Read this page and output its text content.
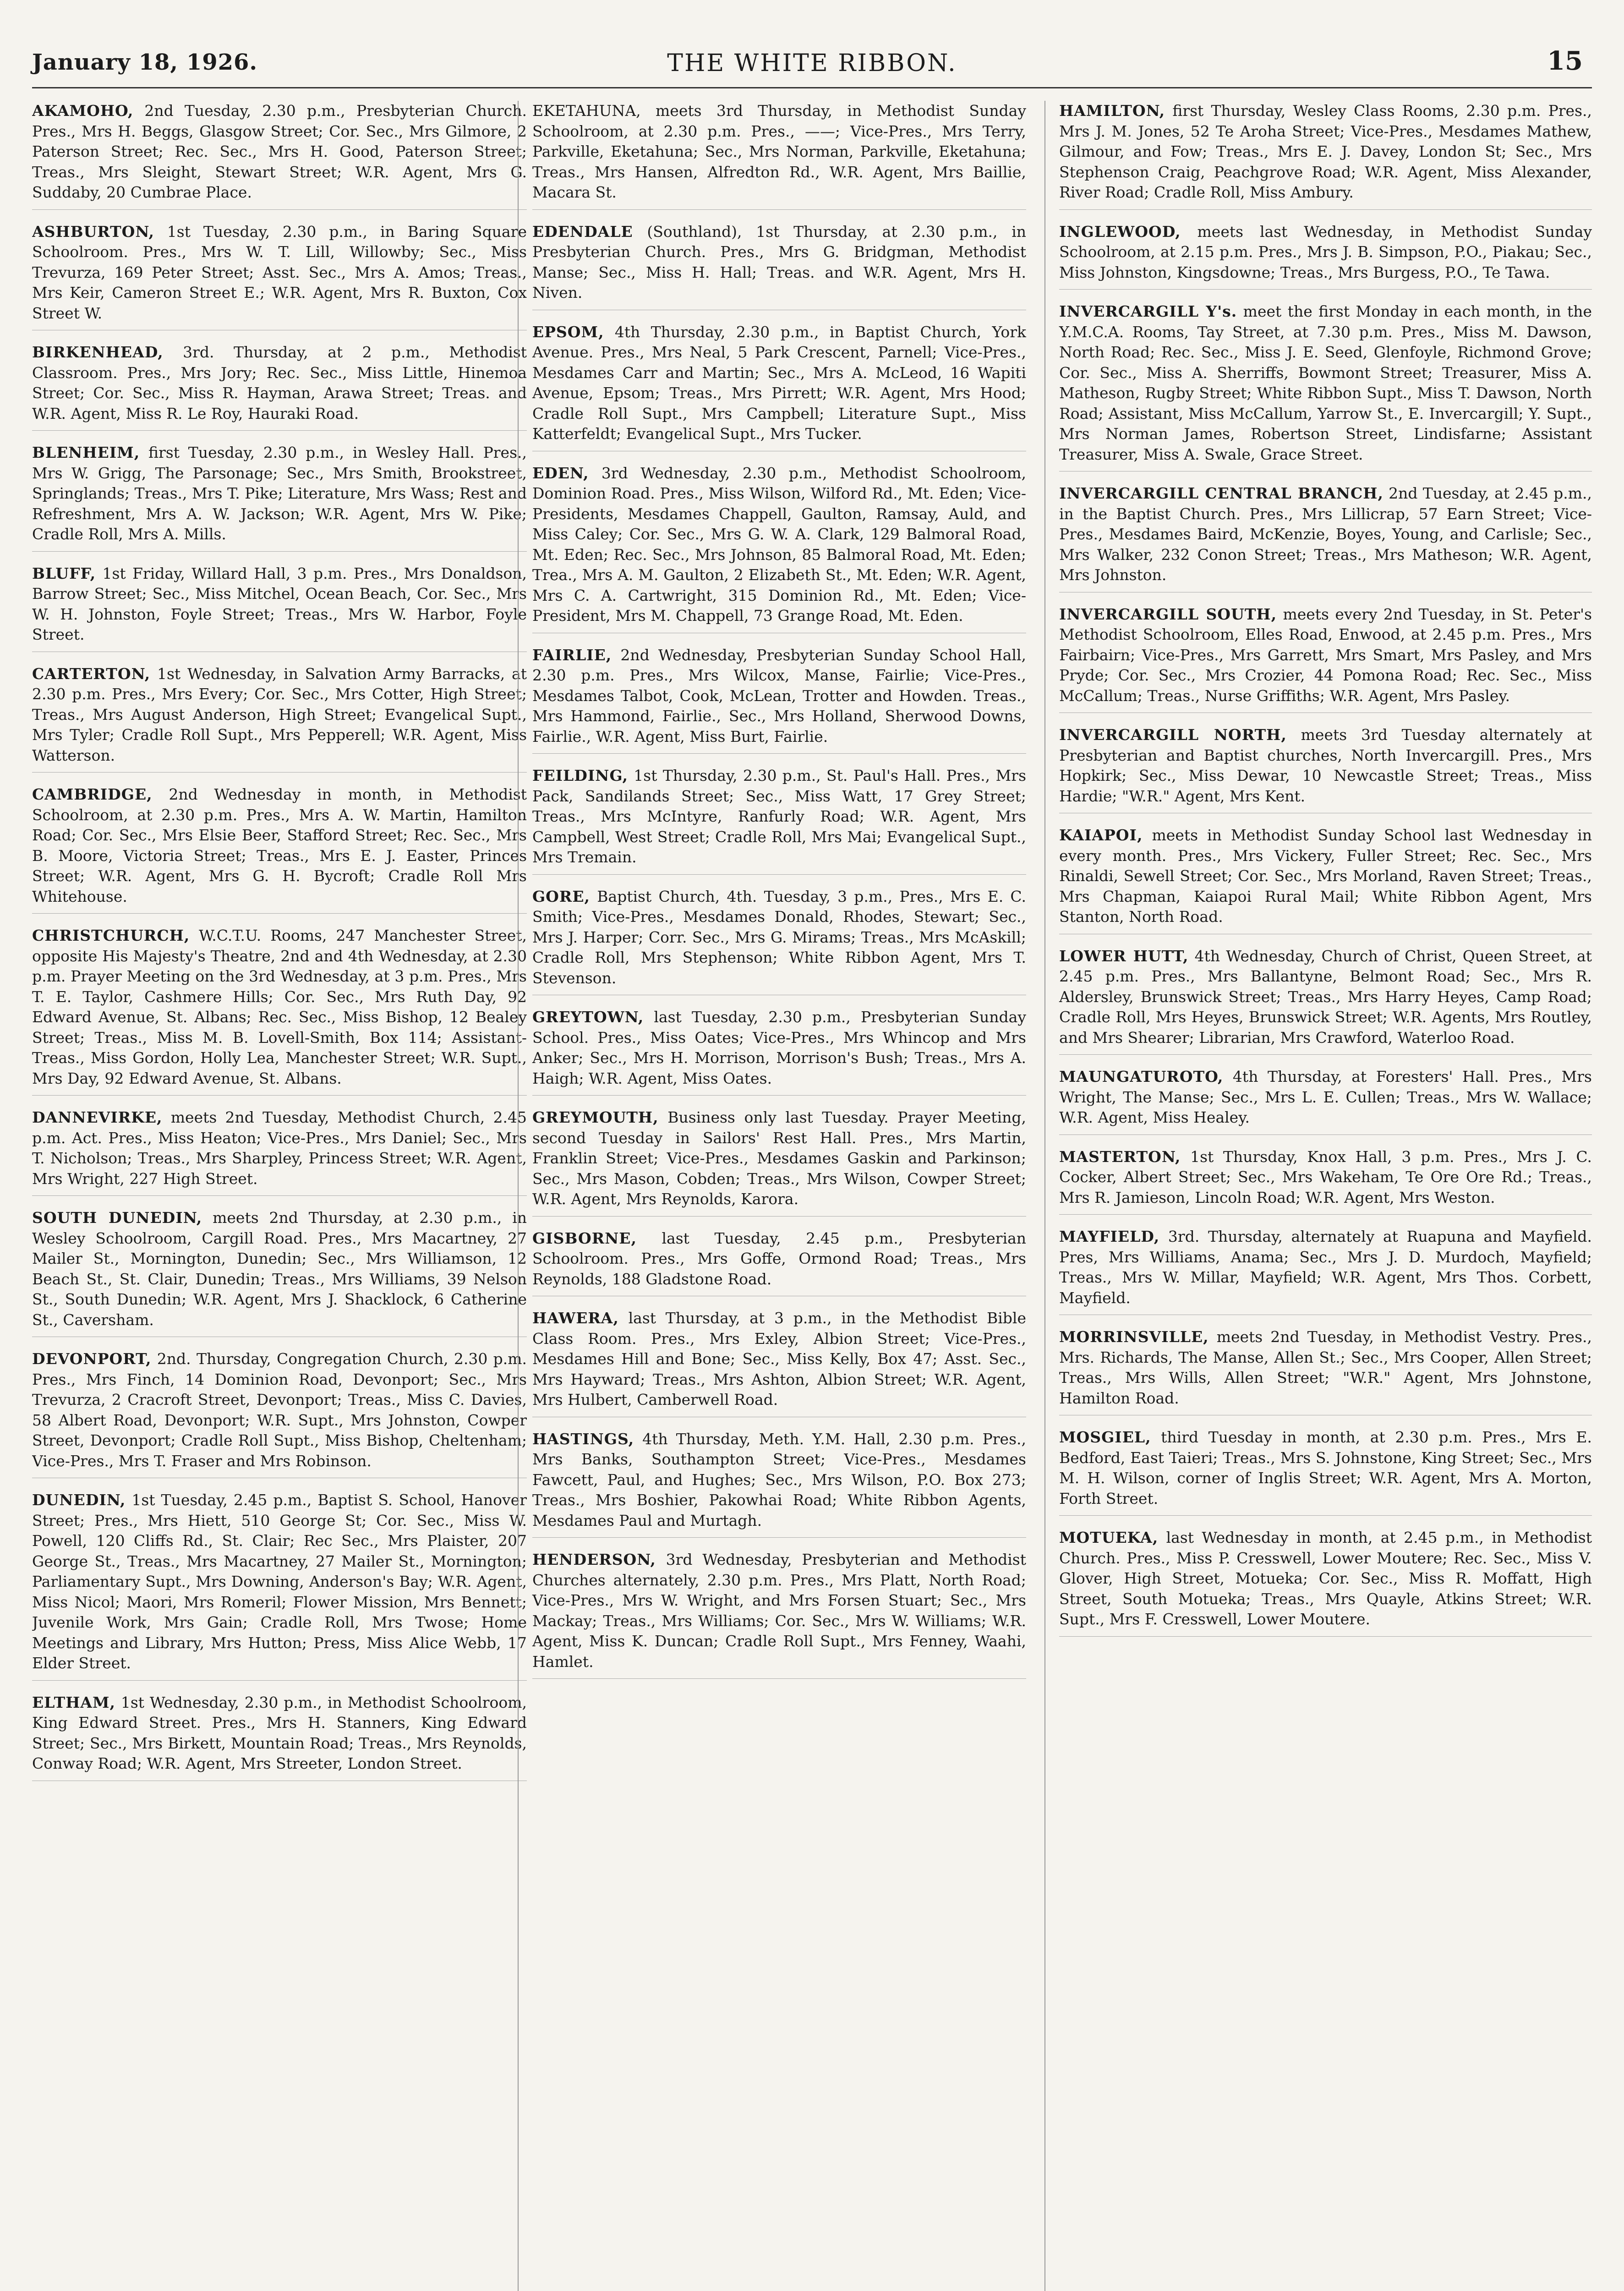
January 18, 1926.	THE WHITE RIBBON.	15

AKAMOHO, 2nd Tuesday, 2.30 p.m., Presbyterian Church. Pres., Mrs H. Beggs, Glasgow Street; Cor. Sec., Mrs Gilmore, 2 Paterson Street; Rec. Sec., Mrs H. Good, Paterson Street; Treas., Mrs Sleight, Stewart Street; W.R. Agent, Mrs G. Suddaby, 20 Cumbrae Place.

ASHBURTON, 1st Tuesday, 2.30 p.m., in Baring Square Schoolroom. Pres., Mrs W. T. Lill, Willowby; Sec., Miss Trevurza, 169 Peter Street; Asst. Sec., Mrs A. Amos; Treas., Mrs Keir, Cameron Street E.; W.R. Agent, Mrs R. Buxton, Cox Street W.

BIRKENHEAD, 3rd. Thursday, at 2 p.m., Methodist Classroom. Pres., Mrs Jory; Rec. Sec., Miss Little, Hinemoa Street; Cor. Sec., Miss R. Hayman, Arawa Street; Treas. and W.R. Agent, Miss R. Le Roy, Hauraki Road.

BLENHEIM, first Tuesday, 2.30 p.m., in Wesley Hall. Pres., Mrs W. Grigg, The Parsonage; Sec., Mrs Smith, Brookstreet, Springlands; Treas., Mrs T. Pike; Literature, Mrs Wass; Rest and Refreshment, Mrs A. W. Jackson; W.R. Agent, Mrs W. Pike; Cradle Roll, Mrs A. Mills.

BLUFF, 1st Friday, Willard Hall, 3 p.m. Pres., Mrs Donaldson, Barrow Street; Sec., Miss Mitchel, Ocean Beach, Cor. Sec., Mrs W. H. Johnston, Foyle Street; Treas., Mrs W. Harbor, Foyle Street.

CARTERTON, 1st Wednesday, in Salvation Army Barracks, at 2.30 p.m. Pres., Mrs Every; Cor. Sec., Mrs Cotter, High Street; Treas., Mrs August Anderson, High Street; Evangelical Supt., Mrs Tyler; Cradle Roll Supt., Mrs Pepperell; W.R. Agent, Miss Watterson.

CAMBRIDGE, 2nd Wednesday in month, in Methodist Schoolroom, at 2.30 p.m. Pres., Mrs A. W. Martin, Hamilton Road; Cor. Sec., Mrs Elsie Beer, Stafford Street; Rec. Sec., Mrs B. Moore, Victoria Street; Treas., Mrs E. J. Easter, Princes Street; W.R. Agent, Mrs G. H. Bycroft; Cradle Roll Mrs Whitehouse.

CHRISTCHURCH, W.C.T.U. Rooms, 247 Manchester Street, opposite His Majesty's Theatre, 2nd and 4th Wednesday, at 2.30 p.m. Prayer Meeting on the 3rd Wednesday, at 3 p.m. Pres., Mrs T. E. Taylor, Cashmere Hills; Cor. Sec., Mrs Ruth Day, 92 Edward Avenue, St. Albans; Rec. Sec., Miss Bishop, 12 Bealey Street; Treas., Miss M. B. Lovell-Smith, Box 114; Assistant-Treas., Miss Gordon, Holly Lea, Manchester Street; W.R. Supt., Mrs Day, 92 Edward Avenue, St. Albans.

DANNEVIRKE, meets 2nd Tuesday, Methodist Church, 2.45 p.m. Act. Pres., Miss Heaton; Vice-Pres., Mrs Daniel; Sec., Mrs T. Nicholson; Treas., Mrs Sharpley, Princess Street; W.R. Agent, Mrs Wright, 227 High Street.

SOUTH DUNEDIN, meets 2nd Thursday, at 2.30 p.m., in Wesley Schoolroom, Cargill Road. Pres., Mrs Macartney, 27 Mailer St., Mornington, Dunedin; Sec., Mrs Williamson, 12 Beach St., St. Clair, Dunedin; Treas., Mrs Williams, 39 Nelson St., South Dunedin; W.R. Agent, Mrs J. Shacklock, 6 Catherine St., Caversham.

DEVONPORT, 2nd. Thursday, Congregation Church, 2.30 p.m. Pres., Mrs Finch, 14 Dominion Road, Devonport; Sec., Mrs Trevurza, 2 Cracroft Street, Devonport; Treas., Miss C. Davies, 58 Albert Road, Devonport; W.R. Supt., Mrs Johnston, Cowper Street, Devonport; Cradle Roll Supt., Miss Bishop, Cheltenham; Vice-Pres., Mrs T. Fraser and Mrs Robinson.

DUNEDIN, 1st Tuesday, 2.45 p.m., Baptist S. School, Hanover Street; Pres., Mrs Hiett, 510 George St; Cor. Sec., Miss W. Powell, 120 Cliffs Rd., St. Clair; Rec Sec., Mrs Plaister, 207 George St., Treas., Mrs Macartney, 27 Mailer St., Mornington; Parliamentary Supt., Mrs Downing, Anderson's Bay; W.R. Agent, Miss Nicol; Maori, Mrs Romeril; Flower Mission, Mrs Bennett; Juvenile Work, Mrs Gain; Cradle Roll, Mrs Twose; Home Meetings and Library, Mrs Hutton; Press, Miss Alice Webb, 17 Elder Street.

ELTHAM, 1st Wednesday, 2.30 p.m., in Methodist Schoolroom, King Edward Street. Pres., Mrs H. Stanners, King Edward Street; Sec., Mrs Birkett, Mountain Road; Treas., Mrs Reynolds, Conway Road; W.R. Agent, Mrs Streeter, London Street.

EKETAHUNA, meets 3rd Thursday, in Methodist Sunday Schoolroom, at 2.30 p.m. Pres., ——; Vice-Pres., Mrs Terry, Parkville, Eketahuna; Sec., Mrs Norman, Parkville, Eketahuna; Treas., Mrs Hansen, Alfredton Rd., W.R. Agent, Mrs Baillie, Macara St.

EDENDALE (Southland), 1st Thursday, at 2.30 p.m., in Presbyterian Church. Pres., Mrs G. Bridgman, Methodist Manse; Sec., Miss H. Hall; Treas. and W.R. Agent, Mrs H. Niven.

EPSOM, 4th Thursday, 2.30 p.m., in Baptist Church, York Avenue. Pres., Mrs Neal, 5 Park Crescent, Parnell; Vice-Pres., Mesdames Carr and Martin; Sec., Mrs A. McLeod, 16 Wapiti Avenue, Epsom; Treas., Mrs Pirrett; W.R. Agent, Mrs Hood; Cradle Roll Supt., Mrs Campbell; Literature Supt., Miss Katterfeldt; Evangelical Supt., Mrs Tucker.

EDEN, 3rd Wednesday, 2.30 p.m., Methodist Schoolroom, Dominion Road. Pres., Miss Wilson, Wilford Rd., Mt. Eden; Vice-Presidents, Mesdames Chappell, Gaulton, Ramsay, Auld, and Miss Caley; Cor. Sec., Mrs G. W. A. Clark, 129 Balmoral Road, Mt. Eden; Rec. Sec., Mrs Johnson, 85 Balmoral Road, Mt. Eden; Trea., Mrs A. M. Gaulton, 2 Elizabeth St., Mt. Eden; W.R. Agent, Mrs C. A. Cartwright, 315 Dominion Rd., Mt. Eden; Vice-President, Mrs M. Chappell, 73 Grange Road, Mt. Eden.

FAIRLIE, 2nd Wednesday, Presbyterian Sunday School Hall, 2.30 p.m. Pres., Mrs Wilcox, Manse, Fairlie; Vice-Pres., Mesdames Talbot, Cook, McLean, Trotter and Howden. Treas., Mrs Hammond, Fairlie., Sec., Mrs Holland, Sherwood Downs, Fairlie., W.R. Agent, Miss Burt, Fairlie.

FEILDING, 1st Thursday, 2.30 p.m., St. Paul's Hall. Pres., Mrs Pack, Sandilands Street; Sec., Miss Watt, 17 Grey Street; Treas., Mrs McIntyre, Ranfurly Road; W.R. Agent, Mrs Campbell, West Street; Cradle Roll, Mrs Mai; Evangelical Supt., Mrs Tremain.

GORE, Baptist Church, 4th. Tuesday, 3 p.m., Pres., Mrs E. C. Smith; Vice-Pres., Mesdames Donald, Rhodes, Stewart; Sec., Mrs J. Harper; Corr. Sec., Mrs G. Mirams; Treas., Mrs McAskill; Cradle Roll, Mrs Stephenson; White Ribbon Agent, Mrs T. Stevenson.

GREYTOWN, last Tuesday, 2.30 p.m., Presbyterian Sunday School. Pres., Miss Oates; Vice-Pres., Mrs Whincop and Mrs Anker; Sec., Mrs H. Morrison, Morrison's Bush; Treas., Mrs A. Haigh; W.R. Agent, Miss Oates.

GREYMOUTH, Business only last Tuesday. Prayer Meeting, second Tuesday in Sailors' Rest Hall. Pres., Mrs Martin, Franklin Street; Vice-Pres., Mesdames Gaskin and Parkinson; Sec., Mrs Mason, Cobden; Treas., Mrs Wilson, Cowper Street; W.R. Agent, Mrs Reynolds, Karora.

GISBORNE, last Tuesday, 2.45 p.m., Presbyterian Schoolroom. Pres., Mrs Goffe, Ormond Road; Treas., Mrs Reynolds, 188 Gladstone Road.

HAWERA, last Thursday, at 3 p.m., in the Methodist Bible Class Room. Pres., Mrs Exley, Albion Street; Vice-Pres., Mesdames Hill and Bone; Sec., Miss Kelly, Box 47; Asst. Sec., Mrs Hayward; Treas., Mrs Ashton, Albion Street; W.R. Agent, Mrs Hulbert, Camberwell Road.

HASTINGS, 4th Thursday, Meth. Y.M. Hall, 2.30 p.m. Pres., Mrs Banks, Southampton Street; Vice-Pres., Mesdames Fawcett, Paul, and Hughes; Sec., Mrs Wilson, P.O. Box 273; Treas., Mrs Boshier, Pakowhai Road; White Ribbon Agents, Mesdames Paul and Murtagh.

HENDERSON, 3rd Wednesday, Presbyterian and Methodist Churches alternately, 2.30 p.m. Pres., Mrs Platt, North Road; Vice-Pres., Mrs W. Wright, and Mrs Forsen Stuart; Sec., Mrs Mackay; Treas., Mrs Williams; Cor. Sec., Mrs W. Williams; W.R. Agent, Miss K. Duncan; Cradle Roll Supt., Mrs Fenney, Waahi, Hamlet.

HAMILTON, first Thursday, Wesley Class Rooms, 2.30 p.m. Pres., Mrs J. M. Jones, 52 Te Aroha Street; Vice-Pres., Mesdames Mathew, Gilmour, and Fow; Treas., Mrs E. J. Davey, London St; Sec., Mrs Stephenson Craig, Peachgrove Road; W.R. Agent, Miss Alexander, River Road; Cradle Roll, Miss Ambury.

INGLEWOOD, meets last Wednesday, in Methodist Sunday Schoolroom, at 2.15 p.m. Pres., Mrs J. B. Simpson, P.O., Piakau; Sec., Miss Johnston, Kingsdowne; Treas., Mrs Burgess, P.O., Te Tawa.

INVERCARGILL Y's. meet the first Monday in each month, in the Y.M.C.A. Rooms, Tay Street, at 7.30 p.m. Pres., Miss M. Dawson, North Road; Rec. Sec., Miss J. E. Seed, Glenfoyle, Richmond Grove; Cor. Sec., Miss A. Sherriffs, Bowmont Street; Treasurer, Miss A. Matheson, Rugby Street; White Ribbon Supt., Miss T. Dawson, North Road; Assistant, Miss McCallum, Yarrow St., E. Invercargill; Y. Supt., Mrs Norman James, Robertson Street, Lindisfarne; Assistant Treasurer, Miss A. Swale, Grace Street.

INVERCARGILL CENTRAL BRANCH, 2nd Tuesday, at 2.45 p.m., in the Baptist Church. Pres., Mrs Lillicrap, 57 Earn Street; Vice-Pres., Mesdames Baird, McKenzie, Boyes, Young, and Carlisle; Sec., Mrs Walker, 232 Conon Street; Treas., Mrs Matheson; W.R. Agent, Mrs Johnston.

INVERCARGILL SOUTH, meets every 2nd Tuesday, in St. Peter's Methodist Schoolroom, Elles Road, Enwood, at 2.45 p.m. Pres., Mrs Fairbairn; Vice-Pres., Mrs Garrett, Mrs Smart, Mrs Pasley, and Mrs Pryde; Cor. Sec., Mrs Crozier, 44 Pomona Road; Rec. Sec., Miss McCallum; Treas., Nurse Griffiths; W.R. Agent, Mrs Pasley.

INVERCARGILL NORTH, meets 3rd Tuesday alternately at Presbyterian and Baptist churches, North Invercargill. Pres., Mrs Hopkirk; Sec., Miss Dewar, 10 Newcastle Street; Treas., Miss Hardie; "W.R." Agent, Mrs Kent.

KAIAPOI, meets in Methodist Sunday School last Wednesday in every month. Pres., Mrs Vickery, Fuller Street; Rec. Sec., Mrs Rinaldi, Sewell Street; Cor. Sec., Mrs Morland, Raven Street; Treas., Mrs Chapman, Kaiapoi Rural Mail; White Ribbon Agent, Mrs Stanton, North Road.

LOWER HUTT, 4th Wednesday, Church of Christ, Queen Street, at 2.45 p.m. Pres., Mrs Ballantyne, Belmont Road; Sec., Mrs R. Aldersley, Brunswick Street; Treas., Mrs Harry Heyes, Camp Road; Cradle Roll, Mrs Heyes, Brunswick Street; W.R. Agents, Mrs Routley, and Mrs Shearer; Librarian, Mrs Crawford, Waterloo Road.

MAUNGATUROTO, 4th Thursday, at Foresters' Hall. Pres., Mrs Wright, The Manse; Sec., Mrs L. E. Cullen; Treas., Mrs W. Wallace; W.R. Agent, Miss Healey.

MASTERTON, 1st Thursday, Knox Hall, 3 p.m. Pres., Mrs J. C. Cocker, Albert Street; Sec., Mrs Wakeham, Te Ore Ore Rd.; Treas., Mrs R. Jamieson, Lincoln Road; W.R. Agent, Mrs Weston.

MAYFIELD, 3rd. Thursday, alternately at Ruapuna and Mayfield. Pres, Mrs Williams, Anama; Sec., Mrs J. D. Murdoch, Mayfield; Treas., Mrs W. Millar, Mayfield; W.R. Agent, Mrs Thos. Corbett, Mayfield.

MORRINSVILLE, meets 2nd Tuesday, in Methodist Vestry. Pres., Mrs. Richards, The Manse, Allen St.; Sec., Mrs Cooper, Allen Street; Treas., Mrs Wills, Allen Street; "W.R." Agent, Mrs Johnstone, Hamilton Road.

MOSGIEL, third Tuesday in month, at 2.30 p.m. Pres., Mrs E. Bedford, East Taieri; Treas., Mrs S. Johnstone, King Street; Sec., Mrs M. H. Wilson, corner of Inglis Street; W.R. Agent, Mrs A. Morton, Forth Street.

MOTUEKA, last Wednesday in month, at 2.45 p.m., in Methodist Church. Pres., Miss P. Cresswell, Lower Moutere; Rec. Sec., Miss V. Glover, High Street, Motueka; Cor. Sec., Miss R. Moffatt, High Street, South Motueka; Treas., Mrs Quayle, Atkins Street; W.R. Supt., Mrs F. Cresswell, Lower Moutere.
